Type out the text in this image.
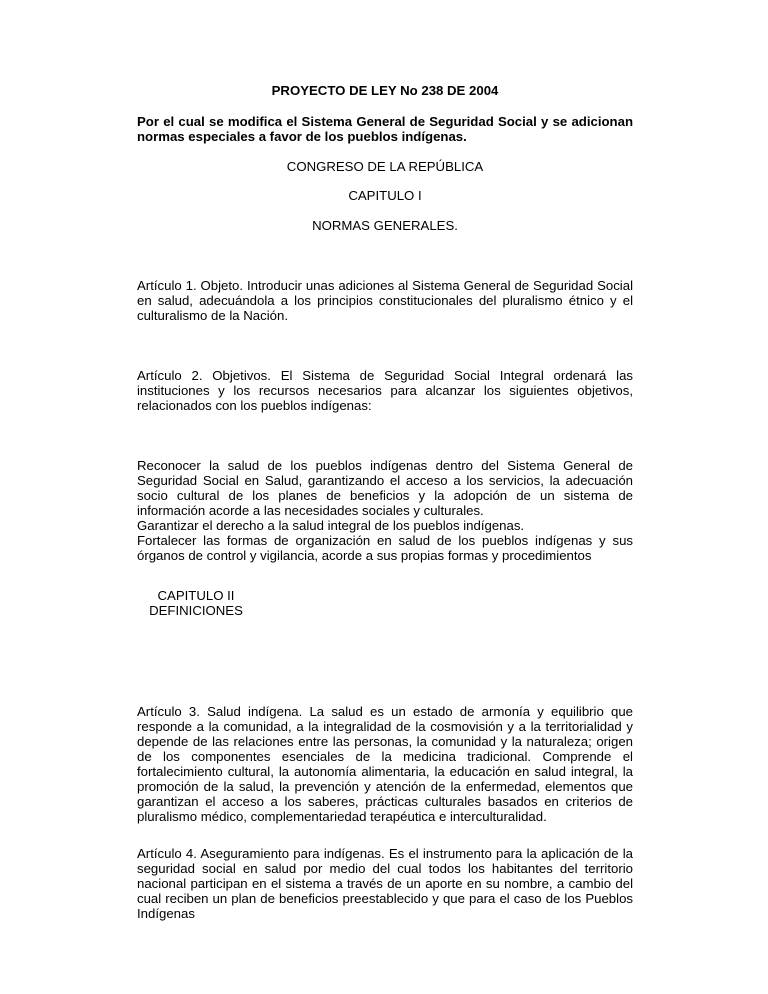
PROYECTO DE LEY No 238 DE 2004

Por el cual se modifica el Sistema General de Seguridad Social y se adicionan normas especiales a favor de los pueblos indígenas.

CONGRESO DE LA REPÚBLICA

CAPITULO I

NORMAS GENERALES.

Artículo 1. Objeto. Introducir unas adiciones al Sistema General de Seguridad Social en salud, adecuándola a los principios constitucionales del pluralismo étnico y el culturalismo de la Nación.

Artículo 2. Objetivos. El Sistema de Seguridad Social Integral ordenará las instituciones y los recursos necesarios para alcanzar los siguientes objetivos, relacionados con los pueblos indígenas:

Reconocer la salud de los pueblos indígenas dentro del Sistema General de Seguridad Social en Salud, garantizando el acceso a los servicios, la adecuación socio cultural de los planes de beneficios y la adopción de un sistema de información acorde a las necesidades sociales y culturales.

Garantizar el derecho a la salud integral de los pueblos indígenas.

Fortalecer las formas de organización en salud de los pueblos indígenas y sus órganos de control y vigilancia, acorde a sus propias formas y procedimientos

CAPITULO II

DEFINICIONES

Artículo 3. Salud indígena. La salud es un estado de armonía y equilibrio que responde a la comunidad, a la integralidad de la cosmovisión y a la territorialidad y depende de las relaciones entre las personas, la comunidad y la naturaleza; origen de los componentes esenciales de la medicina tradicional. Comprende el fortalecimiento cultural, la autonomía alimentaria, la educación en salud integral, la promoción de la salud, la prevención y atención de la enfermedad, elementos que garantizan el acceso a los saberes, prácticas culturales basados en criterios de pluralismo médico, complementariedad terapéutica e interculturalidad.

Artículo 4. Aseguramiento para indígenas. Es el instrumento para la aplicación de la seguridad social en salud por medio del cual todos los habitantes del territorio nacional participan en el sistema a través de un aporte en su nombre, a cambio del cual reciben un plan de beneficios preestablecido y que para el caso de los Pueblos Indígenas
